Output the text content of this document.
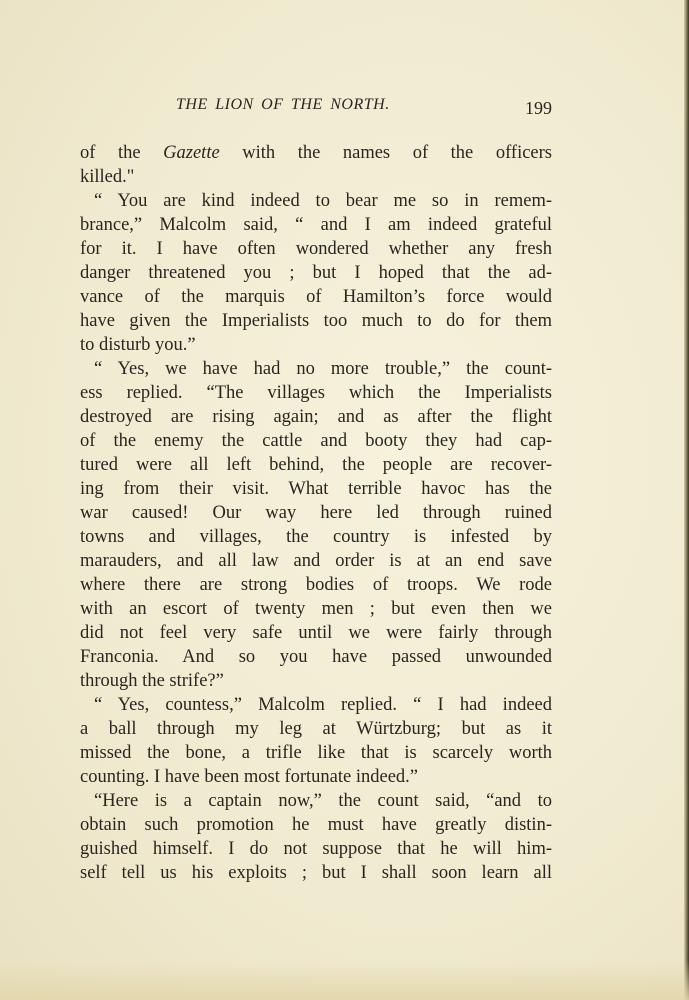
THE LION OF THE NORTH.	199
of the Gazette with the names of the officers
killed."
“ You are kind indeed to bear me so in remem-
brance,” Malcolm said, “ and I am indeed grateful
for it. I have often wondered whether any fresh
danger threatened you ; but I hoped that the ad-
vance of the marquis of Hamilton’s force would
have given the Imperialists too much to do for them
to disturb you.”
“ Yes, we have had no more trouble,” the count-
ess replied. “The villages which the Imperialists
destroyed are rising again; and as after the flight
of the enemy the cattle and booty they had cap-
tured were all left behind, the people are recover-
ing from their visit. What terrible havoc has the
war caused! Our way here led through ruined
towns and villages, the country is infested by
marauders, and all law and order is at an end save
where there are strong bodies of troops. We rode
with an escort of twenty men ; but even then we
did not feel very safe until we were fairly through
Franconia. And so you have passed unwounded
through the strife?”
“ Yes, countess,” Malcolm replied. “ I had indeed
a ball through my leg at Würtzburg; but as it
missed the bone, a trifle like that is scarcely worth
counting. I have been most fortunate indeed.”
“Here is a captain now,” the count said, “and to
obtain such promotion he must have greatly distin-
guished himself. I do not suppose that he will him-
self tell us his exploits ; but I shall soon learn all
